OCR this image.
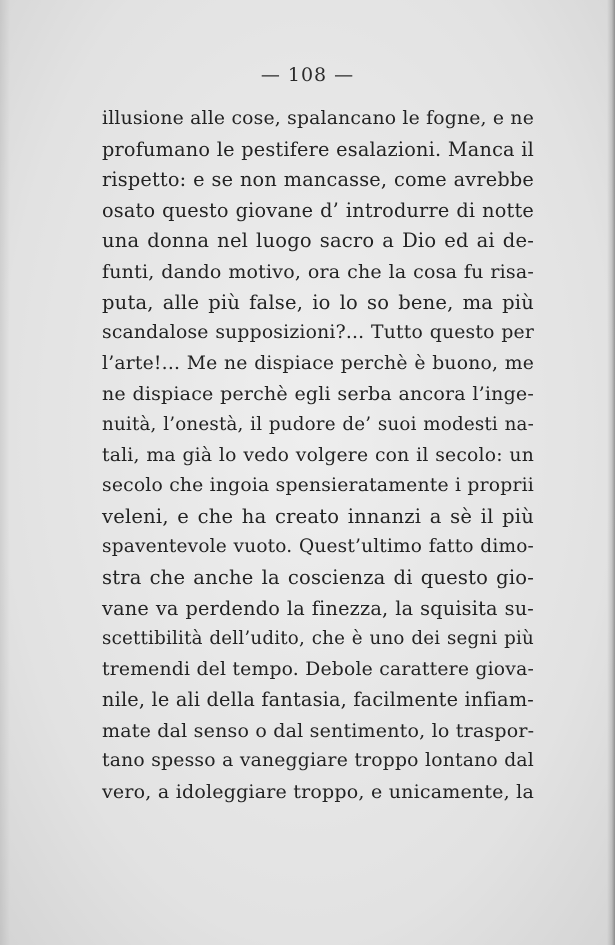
— 108 —
illusione alle cose, spalancano le fogne, e ne
profumano le pestifere esalazioni. Manca il
rispetto: e se non mancasse, come avrebbe
osato questo giovane d’ introdurre di notte
una donna nel luogo sacro a Dio ed ai de-
funti, dando motivo, ora che la cosa fu risa-
puta, alle più false, io lo so bene, ma più
scandalose supposizioni?... Tutto questo per
l’arte!... Me ne dispiace perchè è buono, me
ne dispiace perchè egli serba ancora l’inge-
nuità, l’onestà, il pudore de’ suoi modesti na-
tali, ma già lo vedo volgere con il secolo: un
secolo che ingoia spensieratamente i proprii
veleni, e che ha creato innanzi a sè il più
spaventevole vuoto. Quest’ultimo fatto dimo-
stra che anche la coscienza di questo gio-
vane va perdendo la finezza, la squisita su-
scettibilità dell’udito, che è uno dei segni più
tremendi del tempo. Debole carattere giova-
nile, le ali della fantasia, facilmente infiam-
mate dal senso o dal sentimento, lo traspor-
tano spesso a vaneggiare troppo lontano dal
vero, a idoleggiare troppo, e unicamente, la
